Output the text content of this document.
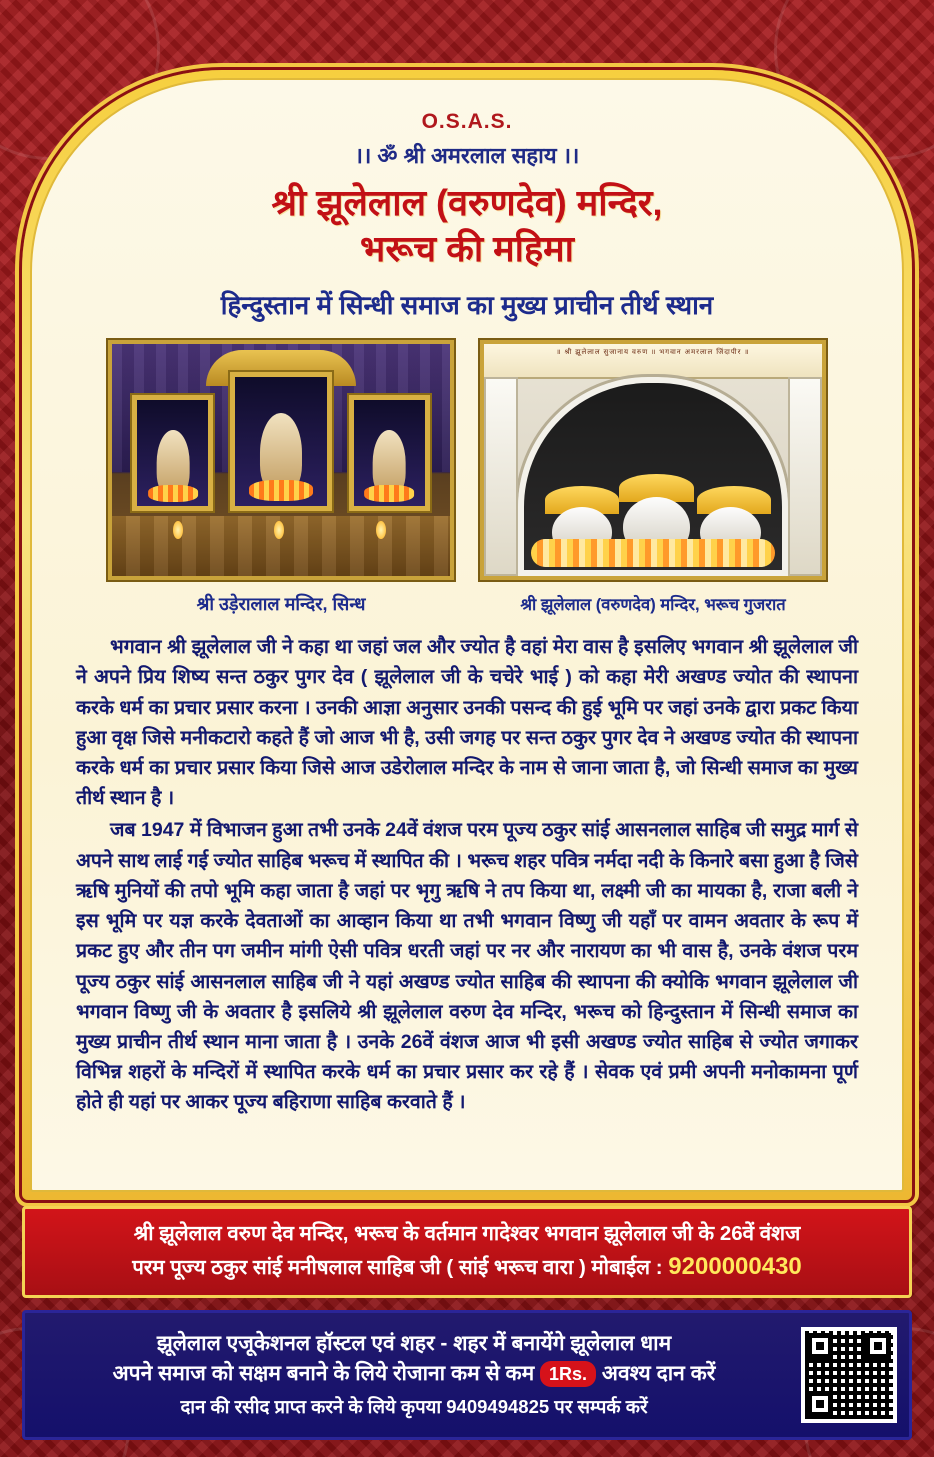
O.S.A.S.
।। ॐ श्री अमरलाल सहाय ।।
श्री झूलेलाल (वरुणदेव) मन्दिर,
भरूच की महिमा
हिन्दुस्तान में सिन्धी समाज का मुख्य प्राचीन तीर्थ स्थान
श्री उड़ेरालाल मन्दिर, सिन्ध
॥ श्री झूलेलाल सुजानाय वरुण ॥ भगवान अमरलाल जिंदापीर ॥
श्री झूलेलाल (वरुणदेव) मन्दिर, भरूच गुजरात

भगवान श्री झूलेलाल जी ने कहा था जहां जल और ज्योत है वहां मेरा वास है इसलिए भगवान श्री झूलेलाल जी ने अपने प्रिय शिष्य सन्त ठ‌कुर पुगर देव ( झूलेलाल जी के चचेरे भाई ) को कहा मेरी अखण्ड ज्योत की स्थापना करके धर्म का प्रचार प्रसार करना । उनकी आज्ञा अनुसार उनकी पसन्द की हुई भूमि पर जहां उनके द्वारा प्रकट किया हुआ वृक्ष जिसे मनीकटारो कहते हैं जो आज भी है, उसी जगह पर सन्त ठ‌कुर पुगर देव ने अखण्ड ज्योत की स्थापना करके धर्म का प्रचार प्रसार किया जिसे आज उडेरोलाल मन्दिर के नाम से जाना जाता है, जो सिन्धी समाज का मुख्य तीर्थ स्थान है ।

जब 1947 में विभाजन हुआ तभी उनके 24वें वंशज परम पूज्य ठ‌कुर सांई आसनलाल साहिब जी समुद्र मार्ग से अपने साथ लाई गई ज्योत साहिब भरूच में स्थापित की । भरूच शहर पवित्र नर्मदा नदी के किनारे बसा हुआ है जिसे ऋषि मुनियों की तपो भूमि कहा जाता है जहां पर भृगु ऋषि ने तप किया था, लक्ष्मी जी का मायका है, राजा बली ने इस भूमि पर यज्ञ करके देवताओं का आव्हान किया था तभी भगवान विष्णु जी यहाँ पर वामन अवतार के रूप में प्रकट हुए और तीन पग जमीन मांगी ऐसी पवित्र धरती जहां पर नर और नारायण का भी वास है, उनके वंशज परम पूज्य ठ‌कुर सांई आसनलाल साहिब जी ने यहां अखण्ड ज्योत साहिब की स्थापना की क्योकि भगवान झूलेलाल जी भगवान विष्णु जी के अवतार है इसलिये श्री झूलेलाल वरुण देव मन्दिर, भरूच को हिन्दुस्तान में सिन्धी समाज का मुख्य प्राचीन तीर्थ स्थान माना जाता है । उनके 26वें वंशज आज भी इसी अखण्ड ज्योत साहिब से ज्योत जगाकर विभिन्न शहरों के मन्दिरों में स्थापित करके धर्म का प्रचार प्रसार कर रहे हैं । सेवक एवं प्रमी अपनी मनोकामना पूर्ण होते ही यहां पर आकर पूज्य बहिराणा साहिब करवाते हैं ।

श्री झूलेलाल वरुण देव मन्दिर, भरूच के वर्तमान गादेश्वर भगवान झूलेलाल जी के 26वें वंशज
परम पूज्य ठ‌कुर सांई मनीषलाल साहिब जी ( सांई भरूच वारा ) मोबाईल : 9200000430
झूलेलाल एजूकेशनल हॉस्टल एवं शहर - शहर में बनायेंगे झूलेलाल धाम
अपने समाज को सक्षम बनाने के लिये रोजाना कम से कम 1Rs. अवश्य दान करें
दान की रसीद प्राप्त करने के लिये कृपया 9409494825 पर सम्पर्क करें
